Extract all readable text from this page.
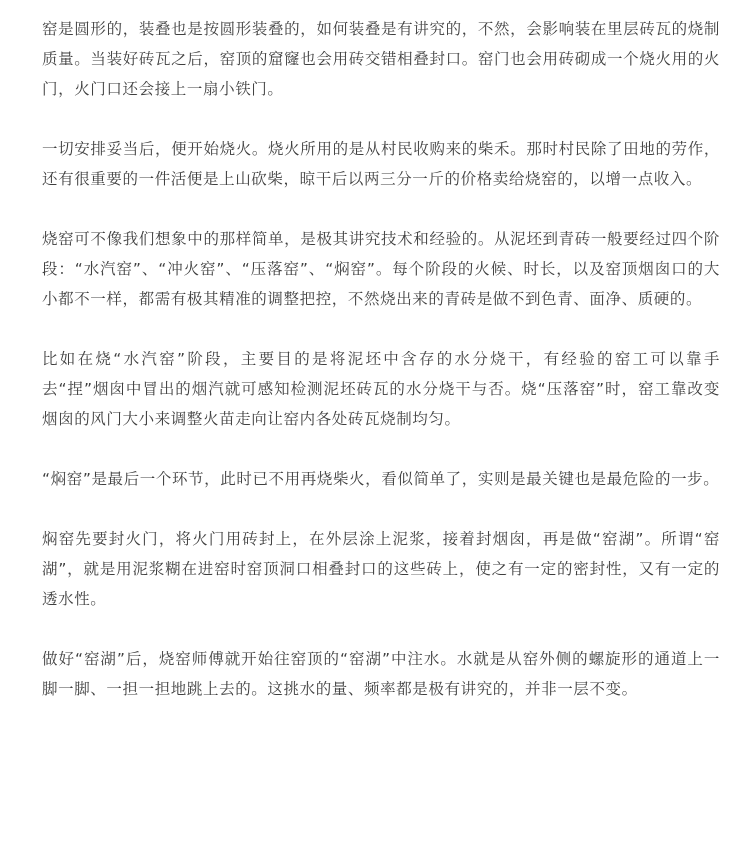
窑是圆形的，装叠也是按圆形装叠的，如何装叠是有讲究的，不然，会影响装在里层砖瓦的烧制质量。当装好砖瓦之后，窑顶的窟窿也会用砖交错相叠封口。窑门也会用砖砌成一个烧火用的火门，火门口还会接上一扇小铁门。

一切安排妥当后，便开始烧火。烧火所用的是从村民收购来的柴禾。那时村民除了田地的劳作，还有很重要的一件活便是上山砍柴，晾干后以两三分一斤的价格卖给烧窑的，以增一点收入。

烧窑可不像我们想象中的那样简单，是极其讲究技术和经验的。从泥坯到青砖一般要经过四个阶段：“水汽窑”、“冲火窑”、“压落窑”、“焖窑”。每个阶段的火候、时长，以及窑顶烟囱口的大小都不一样，都需有极其精准的调整把控，不然烧出来的青砖是做不到色青、面净、质硬的。

比如在烧“水汽窑”阶段，主要目的是将泥坯中含存的水分烧干，有经验的窑工可以靠手去“捏”烟囱中冒出的烟汽就可感知检测泥坯砖瓦的水分烧干与否。烧“压落窑”时，窑工靠改变烟囱的风门大小来调整火苗走向让窑内各处砖瓦烧制均匀。

“焖窑”是最后一个环节，此时已不用再烧柴火，看似简单了，实则是最关键也是最危险的一步。

焖窑先要封火门，将火门用砖封上，在外层涂上泥浆，接着封烟囱，再是做“窑湖”。所谓“窑湖”，就是用泥浆糊在进窑时窑顶洞口相叠封口的这些砖上，使之有一定的密封性，又有一定的透水性。

做好“窑湖”后，烧窑师傅就开始往窑顶的“窑湖”中注水。水就是从窑外侧的螺旋形的通道上一脚一脚、一担一担地跳上去的。这挑水的量、频率都是极有讲究的，并非一层不变。
